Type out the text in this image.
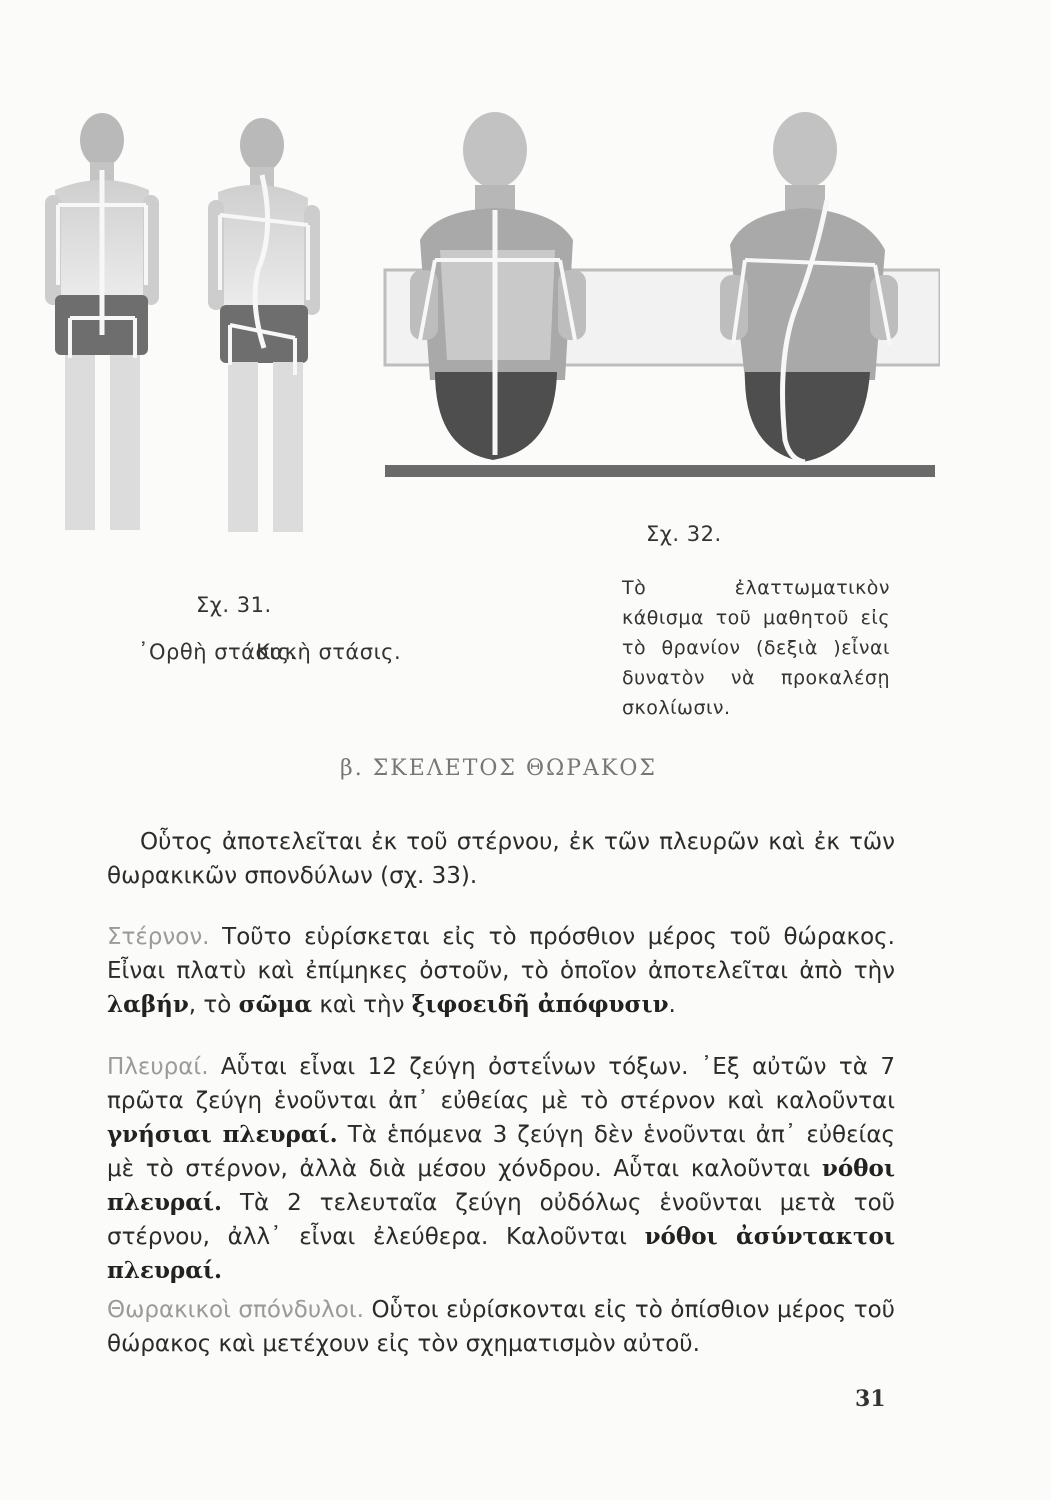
Σχ. 32.
Τὸ ἐλαττωματικὸν κάθισμα τοῦ μαθητοῦ εἰς τὸ θρανίον (δεξιὰ )εἶναι δυνατὸν νὰ προκαλέσῃ σκολίωσιν.
Σχ. 31.
᾿Ορθὴ στάσις.
Κακὴ στάσις.
β. ΣΚΕΛΕΤΟΣ ΘΩΡΑΚΟΣ
Οὗτος ἀποτελεῖται ἐκ τοῦ στέρνου, ἐκ τῶν πλευρῶν καὶ ἐκ τῶν θωρακικῶν σπονδύλων (σχ. 33).
Στέρνον. Τοῦτο εὑρίσκεται εἰς τὸ πρόσθιον μέρος τοῦ θώρακος. Εἶναι πλατὺ καὶ ἐπίμηκες ὀστοῦν, τὸ ὁποῖον ἀποτελεῖται ἀπὸ τὴν λαβήν, τὸ σῶμα καὶ τὴν ξιφοειδῆ ἀπόφυσιν.
Πλευραί. Αὗται εἶναι 12 ζεύγη ὀστεΐνων τόξων. ᾿Εξ αὐτῶν τὰ 7 πρῶτα ζεύγη ἑνοῦνται ἀπ᾿ εὐθείας μὲ τὸ στέρνον καὶ καλοῦνται γνήσιαι πλευραί. Τὰ ἑπόμενα 3 ζεύγη δὲν ἑνοῦνται ἀπ᾿ εὐθείας μὲ τὸ στέρνον, ἀλλὰ διὰ μέσου χόνδρου. Αὗται καλοῦνται νόθοι πλευραί. Τὰ 2 τελευταῖα ζεύγη οὐδόλως ἑνοῦνται μετὰ τοῦ στέρνου, ἀλλ᾿ εἶναι ἐλεύθερα. Καλοῦνται νόθοι ἀσύντακτοι πλευραί.
Θωρακικοὶ σπόνδυλοι. Οὗτοι εὑρίσκονται εἰς τὸ ὀπίσθιον μέρος τοῦ θώρακος καὶ μετέχουν εἰς τὸν σχηματισμὸν αὐτοῦ.
31
